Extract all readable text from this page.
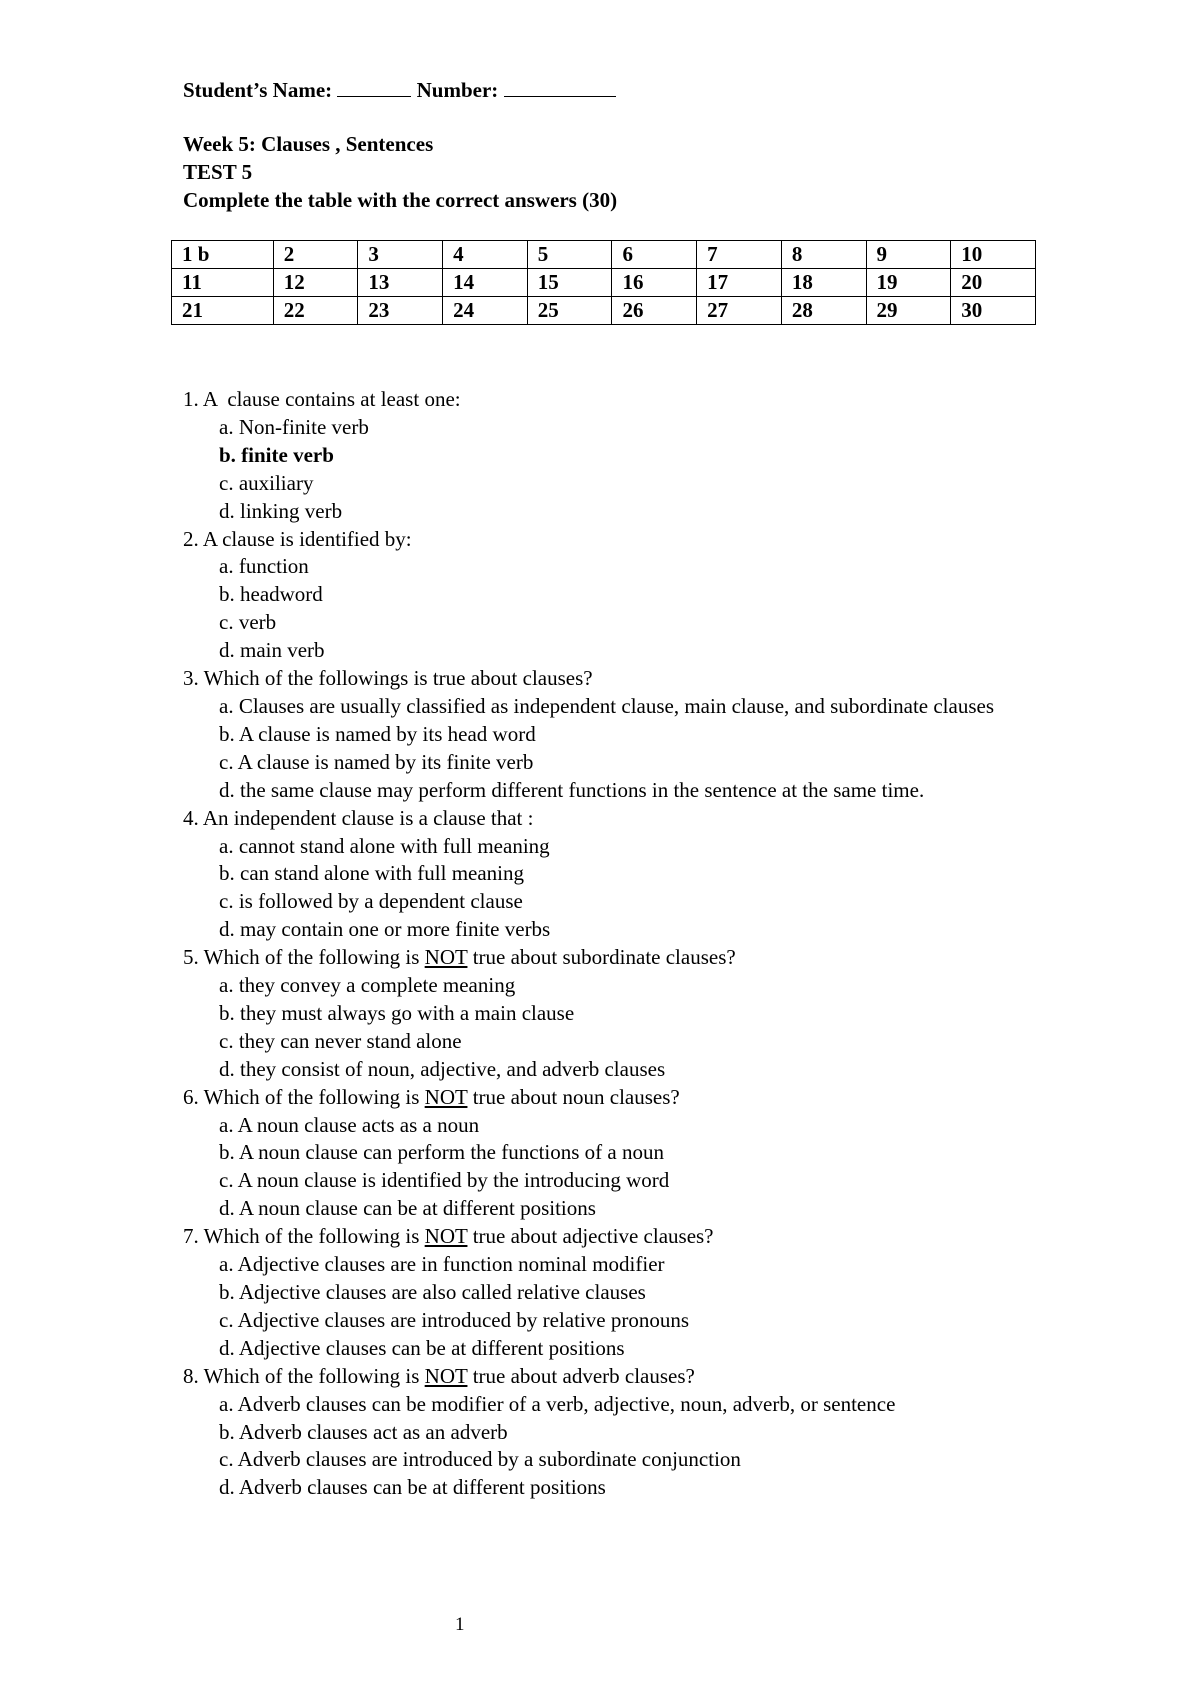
Student’s Name:	Number:
Week 5: Clauses , Sentences
TEST 5
Complete the table with the correct answers (30)
1 b	2	3	4	5	6	7	8	9	10
11	12	13	14	15	16	17	18	19	20
21	22	23	24	25	26	27	28	29	30
1. A  clause contains at least one:
a. Non-finite verb
b. finite verb
c. auxiliary
d. linking verb
2. A clause is identified by:
a. function
b. headword
c. verb
d. main verb
3. Which of the followings is true about clauses?
a. Clauses are usually classified as independent clause, main clause, and subordinate clauses
b. A clause is named by its head word
c. A clause is named by its finite verb
d. the same clause may perform different functions in the sentence at the same time.
4. An independent clause is a clause that :
a. cannot stand alone with full meaning
b. can stand alone with full meaning
c. is followed by a dependent clause
d. may contain one or more finite verbs
5. Which of the following is NOT true about subordinate clauses?
a. they convey a complete meaning
b. they must always go with a main clause
c. they can never stand alone
d. they consist of noun, adjective, and adverb clauses
6. Which of the following is NOT true about noun clauses?
a. A noun clause acts as a noun
b. A noun clause can perform the functions of a noun
c. A noun clause is identified by the introducing word
d. A noun clause can be at different positions
7. Which of the following is NOT true about adjective clauses?
a. Adjective clauses are in function nominal modifier
b. Adjective clauses are also called relative clauses
c. Adjective clauses are introduced by relative pronouns
d. Adjective clauses can be at different positions
8. Which of the following is NOT true about adverb clauses?
a. Adverb clauses can be modifier of a verb, adjective, noun, adverb, or sentence
b. Adverb clauses act as an adverb
c. Adverb clauses are introduced by a subordinate conjunction
d. Adverb clauses can be at different positions
1
